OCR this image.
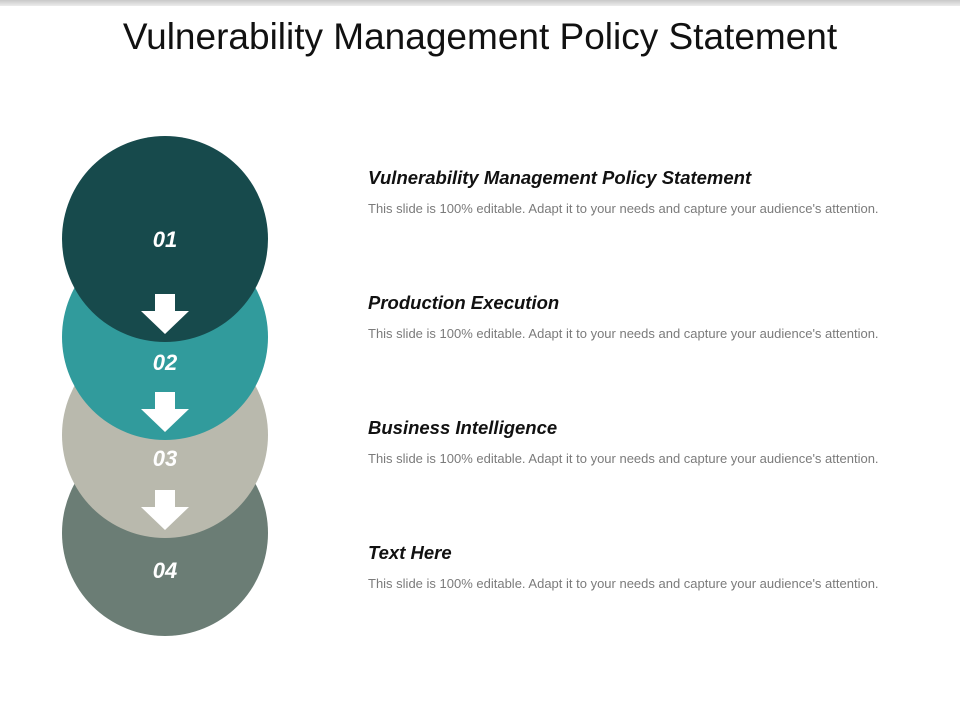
Vulnerability Management Policy Statement
01
02
03
04

Vulnerability Management Policy Statement

This slide is 100% editable. Adapt it to your needs and capture your audience's attention.

Production Execution

This slide is 100% editable. Adapt it to your needs and capture your audience's attention.

Business Intelligence

This slide is 100% editable. Adapt it to your needs and capture your audience's attention.

Text Here

This slide is 100% editable. Adapt it to your needs and capture your audience's attention.
